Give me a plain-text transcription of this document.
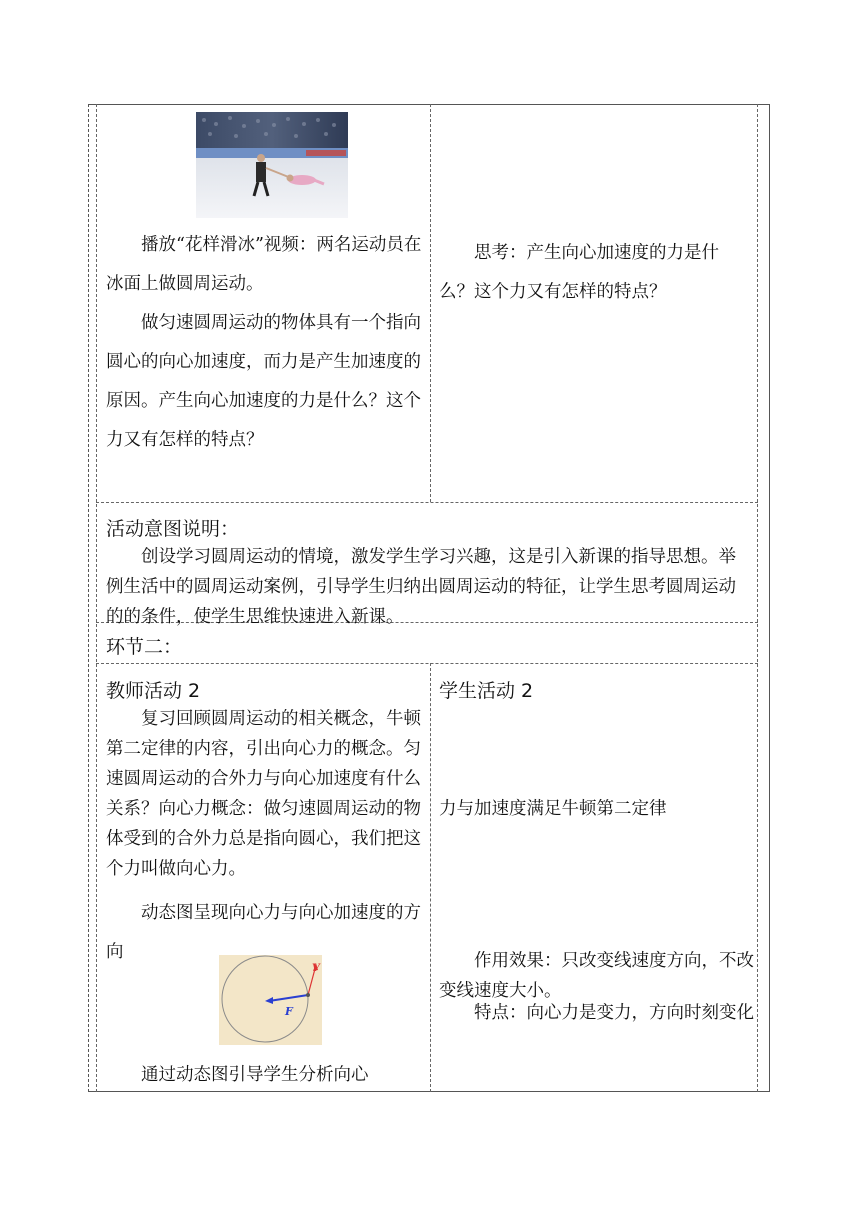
播放“花样滑冰”视频：两名运动员在冰面上做圆周运动。
做匀速圆周运动的物体具有一个指向圆心的向心加速度，而力是产生加速度的原因。产生向心加速度的力是什么？这个力又有怎样的特点？
思考：产生向心加速度的力是什么？这个力又有怎样的特点？
活动意图说明：
创设学习圆周运动的情境，激发学生学习兴趣，这是引入新课的指导思想。举例生活中的圆周运动案例，引导学生归纳出圆周运动的特征，让学生思考圆周运动的的条件，使学生思维快速进入新课。
环节二：
教师活动 2
复习回顾圆周运动的相关概念，牛顿第二定律的内容，引出向心力的概念。匀速圆周运动的合外力与向心加速度有什么关系？向心力概念：做匀速圆周运动的物体受到的合外力总是指向圆心，我们把这个力叫做向心力。
动态图呈现向心力与向心加速度的方向
V
F
通过动态图引导学生分析向心
学生活动 2
力与加速度满足牛顿第二定律
作用效果：只改变线速度方向，不改变线速度大小。
特点：向心力是变力，方向时刻变化
